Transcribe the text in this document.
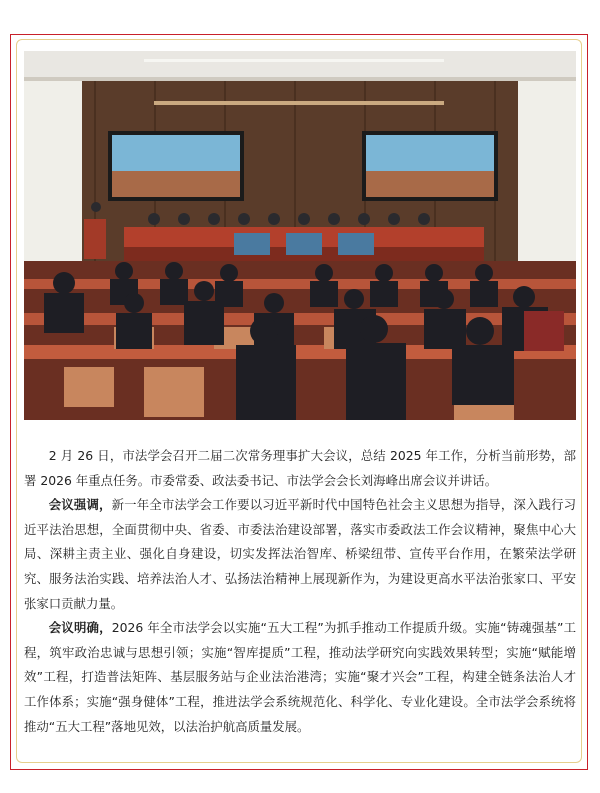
2 月 26 日，市法学会召开二届二次常务理事扩大会议，总结 2025 年工作，分析当前形势，部署 2026 年重点任务。市委常委、政法委书记、市法学会会长刘海峰出席会议并讲话。

会议强调，新一年全市法学会工作要以习近平新时代中国特色社会主义思想为指导，深入践行习近平法治思想，全面贯彻中央、省委、市委法治建设部署，落实市委政法工作会议精神，聚焦中心大局、深耕主责主业、强化自身建设，切实发挥法治智库、桥梁纽带、宣传平台作用，在繁荣法学研究、服务法治实践、培养法治人才、弘扬法治精神上展现新作为，为建设更高水平法治张家口、平安张家口贡献力量。

会议明确，2026 年全市法学会以实施“五大工程”为抓手推动工作提质升级。实施“铸魂强基”工程，筑牢政治忠诚与思想引领；实施“智库提质”工程，推动法学研究向实践效果转型；实施“赋能增效”工程，打造普法矩阵、基层服务站与企业法治港湾；实施“聚才兴会”工程，构建全链条法治人才工作体系；实施“强身健体”工程，推进法学会系统规范化、科学化、专业化建设。全市法学会系统将推动“五大工程”落地见效，以法治护航高质量发展。
